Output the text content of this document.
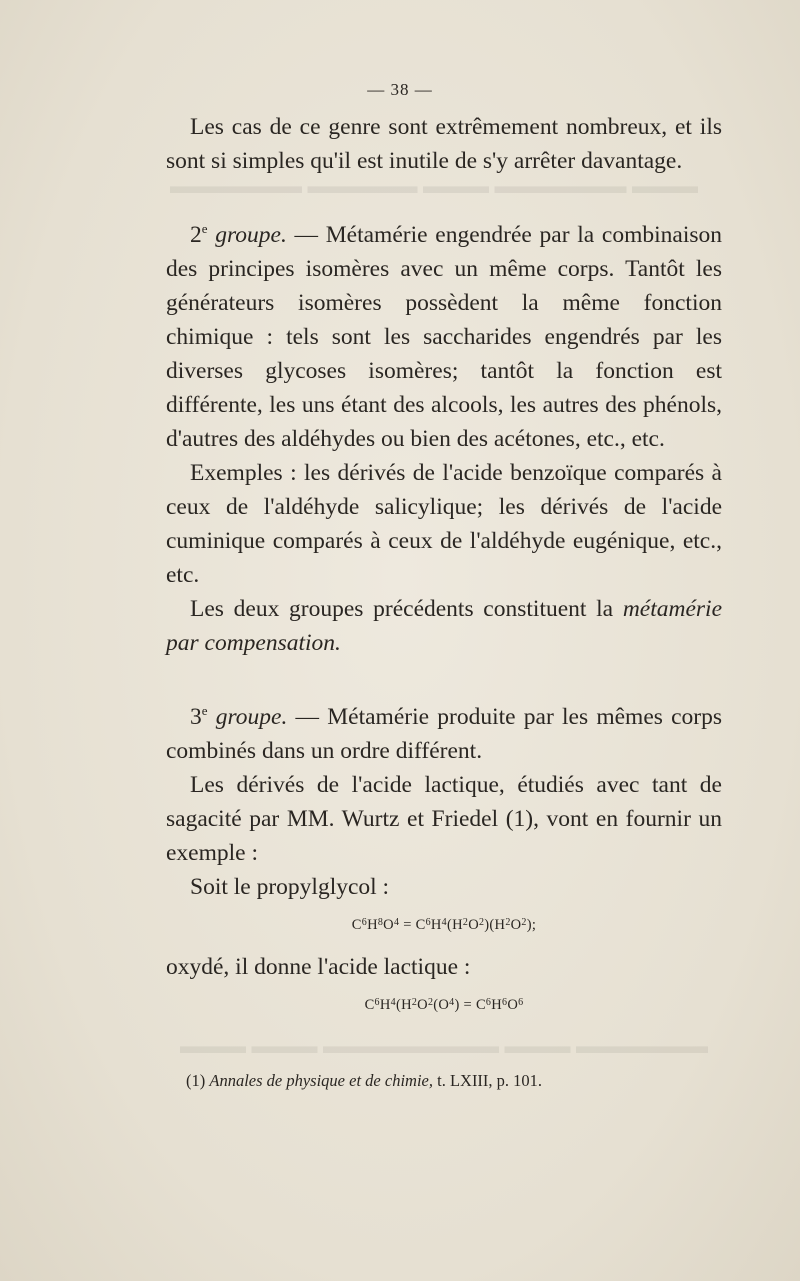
▬▬▬ ▬▬▬▬▬▬ ▬▬▬ ▬▬▬▬▬ ▬▬▬▬▬▬
▬▬▬▬▬▬ ▬▬▬ ▬▬▬▬▬▬▬▬ ▬▬▬ ▬▬▬
— 38 —

Les cas de ce genre sont extrêmement nombreux, et ils sont si simples qu'il est inutile de s'y arrêter davantage.

2e groupe. — Métamérie engendrée par la combinaison des principes isomères avec un même corps. Tantôt les générateurs isomères possèdent la même fonction chimique : tels sont les saccharides engendrés par les diverses glycoses isomères; tantôt la fonction est différente, les uns étant des alcools, les autres des phénols, d'autres des aldéhydes ou bien des acétones, etc., etc.

Exemples : les dérivés de l'acide benzoïque comparés à ceux de l'aldéhyde salicylique; les dérivés de l'acide cuminique comparés à ceux de l'aldéhyde eugénique, etc., etc.

Les deux groupes précédents constituent la métamérie par compensation.

3e groupe. — Métamérie produite par les mêmes corps combinés dans un ordre différent.

Les dérivés de l'acide lactique, étudiés avec tant de sagacité par MM. Wurtz et Friedel (1), vont en fournir un exemple :

Soit le propylglycol :

$C^6H^8O^4 = C^6H^4(H^2O^2)(H^2O^2)$;

oxydé, il donne l'acide lactique :

$C^6H^4(H^2O^2(O^4) = C^6H^6O^6$

(1) Annales de physique et de chimie, t. LXIII, p. 101.
